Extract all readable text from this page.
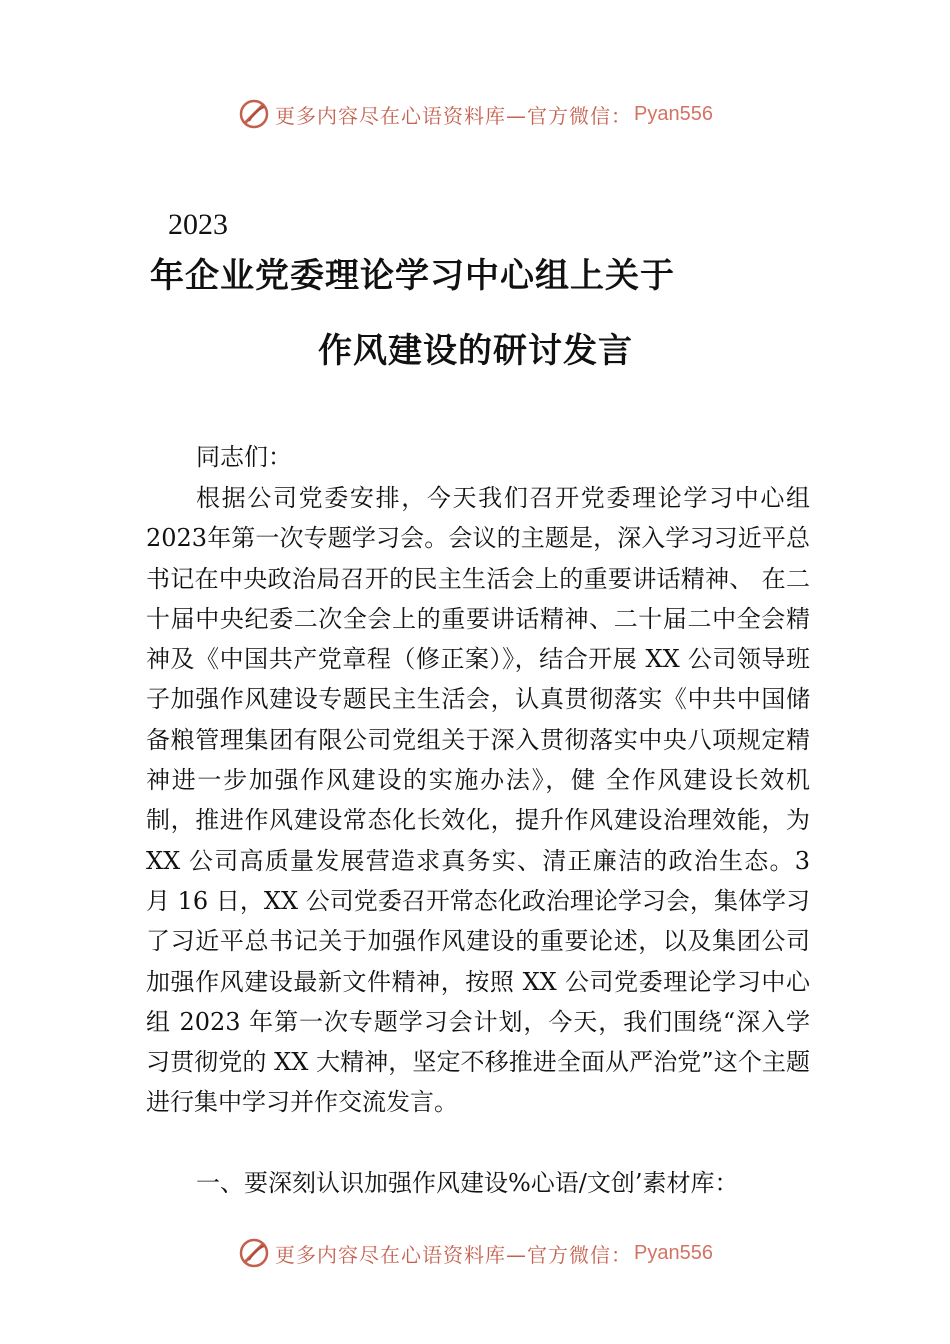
更多内容尽在心语资料库—官方微信： Pyan556
2023
年企业党委理论学习中心组上关于
作风建设的研讨发言
同志们：
根据公司党委安排，今天我们召开党委理论学习中心组2023年第一次专题学习会。会议的主题是，深入学习习近平总书记在中央政治局召开的民主生活会上的重要讲话精神、 在二十届中央纪委二次全会上的重要讲话精神、二十届二中全会精神及《中国共产党章程（修正案）》，结合开展 XX 公司领导班子加强作风建设专题民主生活会，认真贯彻落实《中共中国储备粮管理集团有限公司党组关于深入贯彻落实中央八项规定精神进一步加强作风建设的实施办法》，健 全作风建设长效机制，推进作风建设常态化长效化，提升作风建设治理效能，为 XX 公司高质量发展营造求真务实、清正廉洁的政治生态。3 月 16 日，XX 公司党委召开常态化政治理论学习会，集体学习了习近平总书记关于加强作风建设的重要论述，以及集团公司加强作风建设最新文件精神，按照 XX 公司党委理论学习中心组 2023 年第一次专题学习会计划，今天，我们围绕“深入学习贯彻党的 XX 大精神，坚定不移推进全面从严治党”这个主题进行集中学习并作交流发言。
一、要深刻认识加强作风建设%心语/文创’素材库：
更多内容尽在心语资料库—官方微信： Pyan556
